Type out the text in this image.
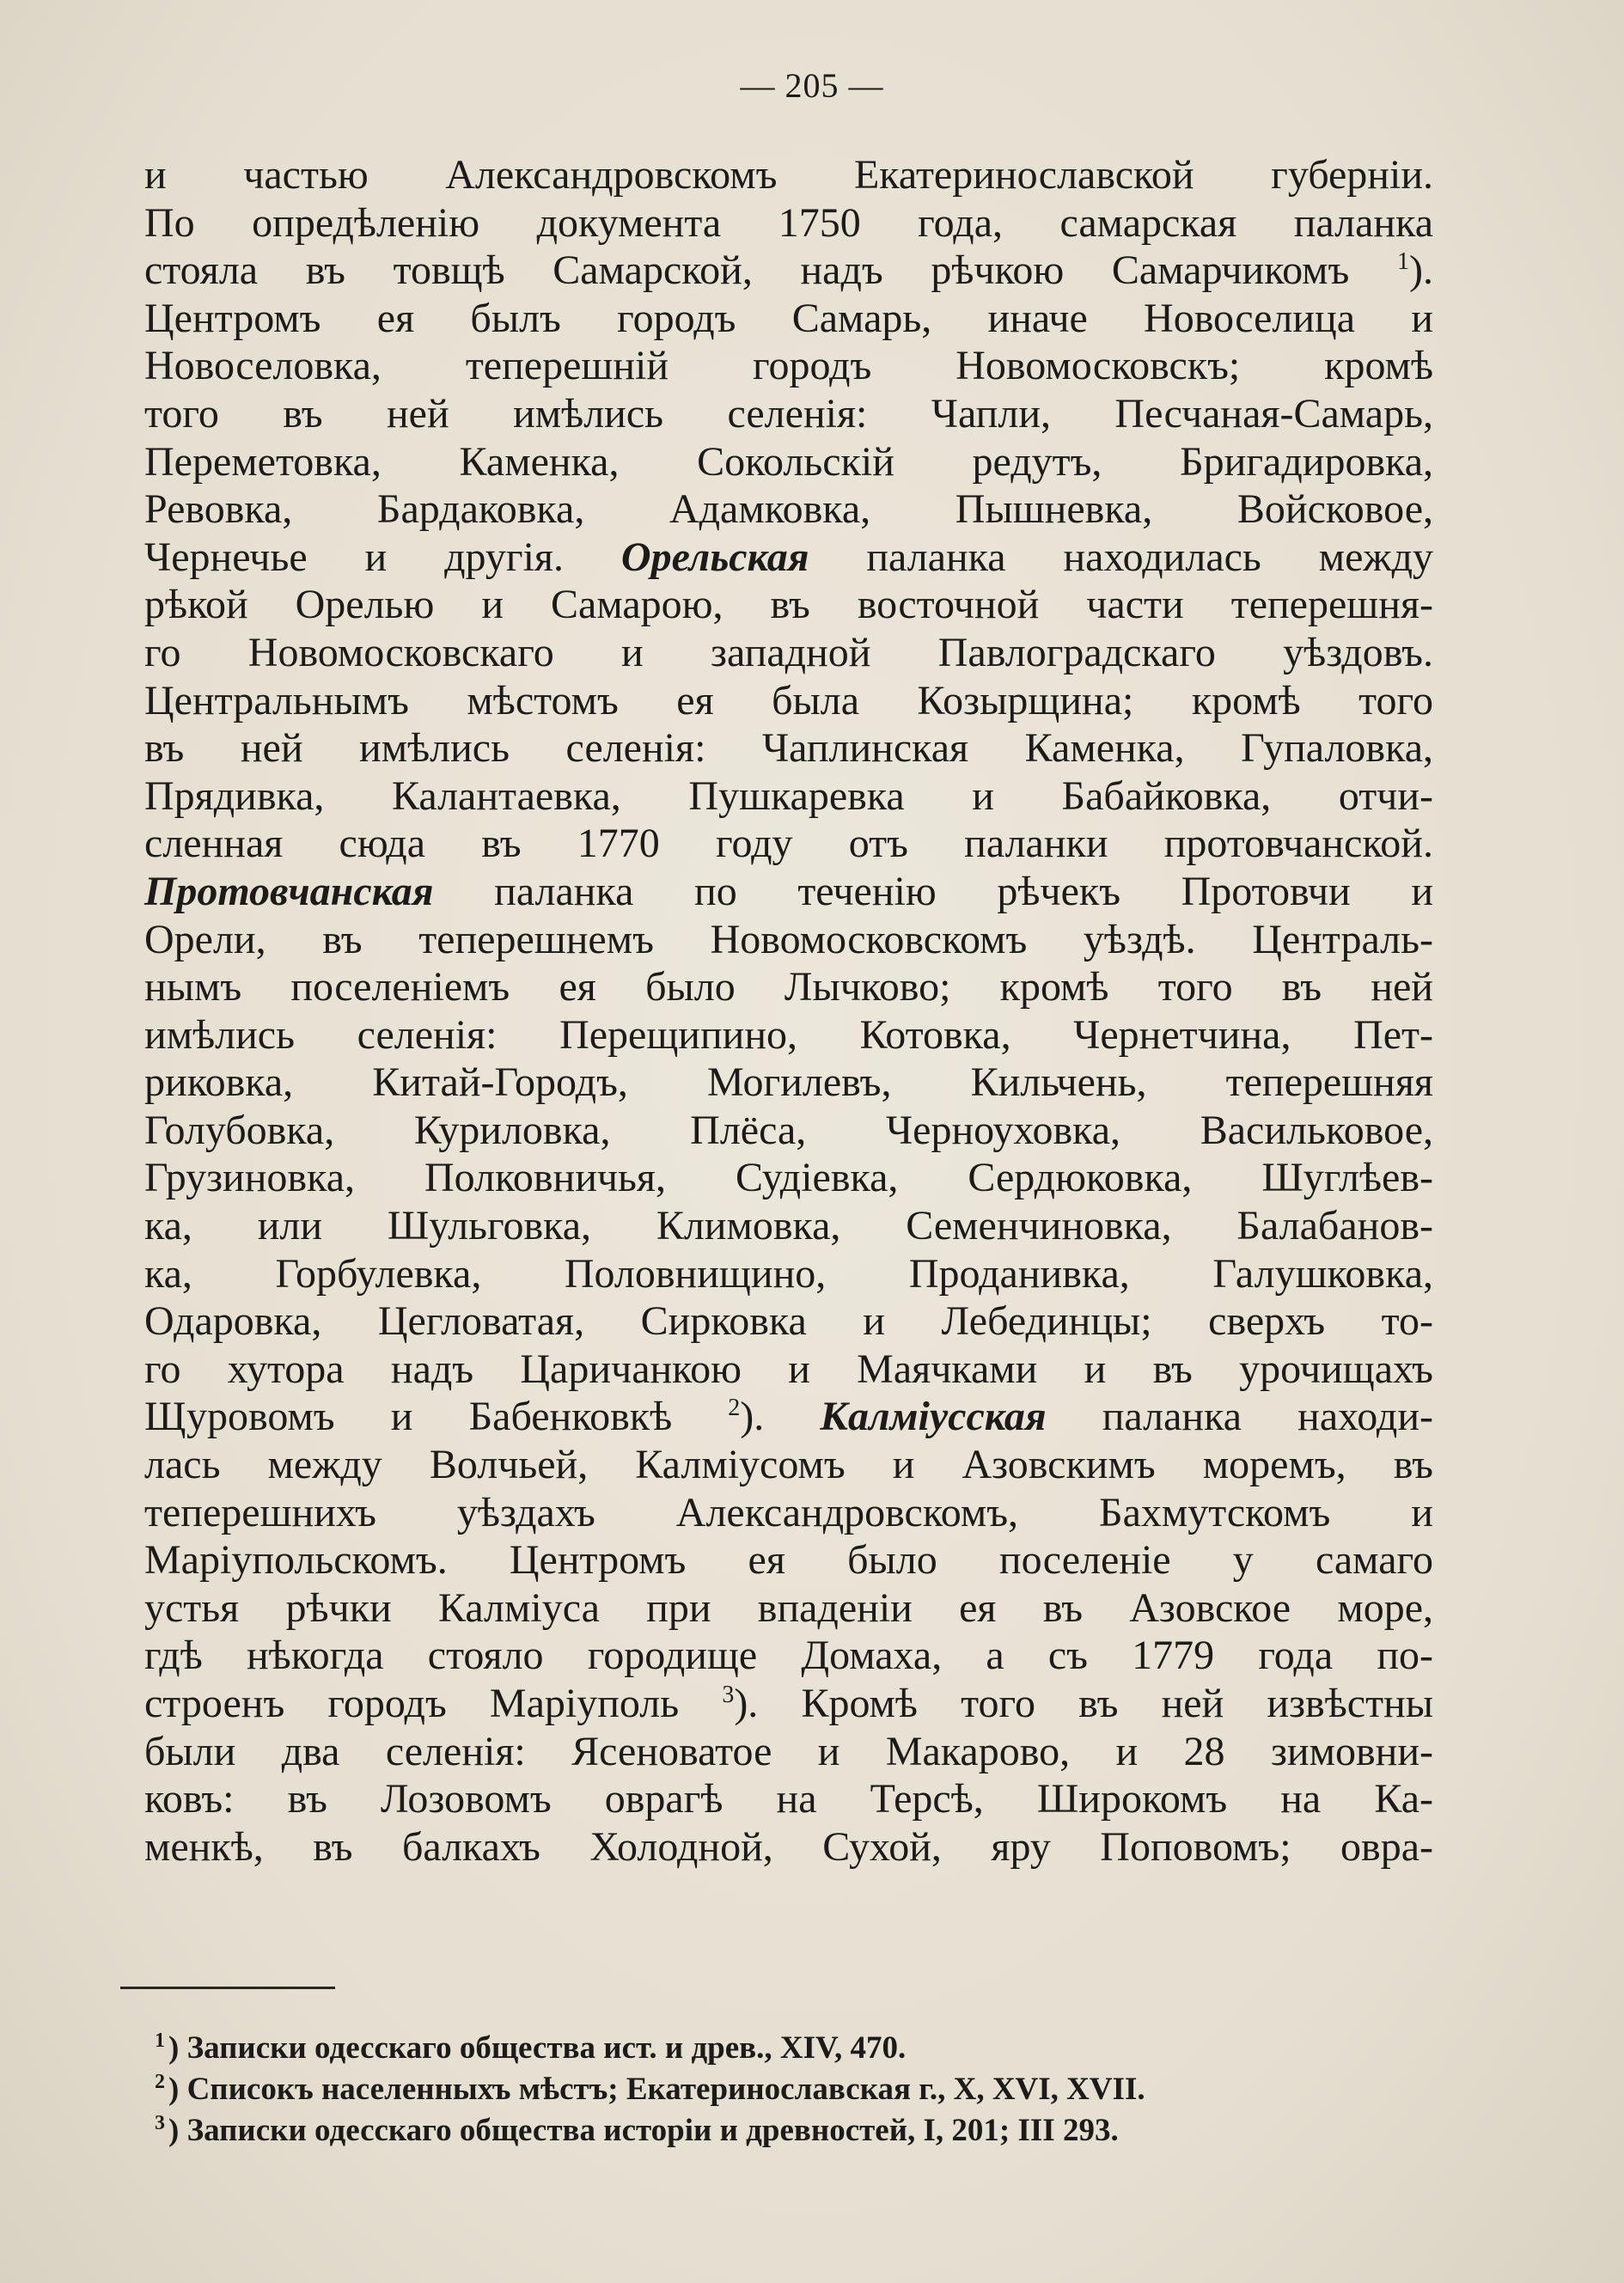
— 205 —
и частью Александровскомъ Екатеринославской губерніи.
По опредѣленію документа 1750 года, самарская паланка
стояла въ товщѣ Самарской, надъ рѣчкою Самарчикомъ $^1$).
Центромъ ея былъ городъ Самарь, иначе Новоселица и
Новоселовка, теперешній городъ Новомосковскъ; кромѣ
того въ ней имѣлись селенія: Чапли, Песчаная-Самарь,
Переметовка, Каменка, Сокольскій редутъ, Бригадировка,
Ревовка, Бардаковка, Адамковка, Пышневка, Войсковое,
Чернечье и другія. Орельская паланка находилась между
рѣкой Орелью и Самарою, въ восточной части теперешня-
го Новомосковскаго и западной Павлоградскаго уѣздовъ.
Центральнымъ мѣстомъ ея была Козырщина; кромѣ того
въ ней имѣлись селенія: Чаплинская Каменка, Гупаловка,
Прядивка, Калантаевка, Пушкаревка и Бабайковка, отчи-
сленная сюда въ 1770 году отъ паланки протовчанской.
Протовчанская паланка по теченію рѣчекъ Протовчи и
Орели, въ теперешнемъ Новомосковскомъ уѣздѣ. Централь-
нымъ поселеніемъ ея было Лычково; кромѣ того въ ней
имѣлись селенія: Перещипино, Котовка, Чернетчина, Пет-
риковка, Китай-Городъ, Могилевъ, Кильчень, теперешняя
Голубовка, Куриловка, Плёса, Черноуховка, Васильковое,
Грузиновка, Полковничья, Судіевка, Сердюковка, Шуглѣев-
ка, или Шульговка, Климовка, Семенчиновка, Балабанов-
ка, Горбулевка, Половнищино, Проданивка, Галушковка,
Одаровка, Цегловатая, Сирковка и Лебединцы; сверхъ то-
го хутора надъ Царичанкою и Маячками и въ урочищахъ
Щуровомъ и Бабенковкѣ $^2$). Калміусская паланка находи-
лась между Волчьей, Калміусомъ и Азовскимъ моремъ, въ
теперешнихъ уѣздахъ Александровскомъ, Бахмутскомъ и
Маріупольскомъ. Центромъ ея было поселеніе у самаго
устья рѣчки Калміуса при впаденіи ея въ Азовское море,
гдѣ нѣкогда стояло городище Домаха, а съ 1779 года по-
строенъ городъ Маріуполь $^3$). Кромѣ того въ ней извѣстны
были два селенія: Ясеноватое и Макарово, и 28 зимовни-
ковъ: въ Лозовомъ оврагѣ на Терсѣ, Широкомъ на Ка-
менкѣ, въ балкахъ Холодной, Сухой, яру Поповомъ; овра-
$^1$ ) Записки одесскаго общества ист. и древ., XIV, 470.
$^2$ ) Списокъ населенныхъ мѣстъ; Екатеринославская г., X, XVI, XVII.
$^3$ ) Записки одесскаго общества исторіи и древностей, I, 201; III 293.
